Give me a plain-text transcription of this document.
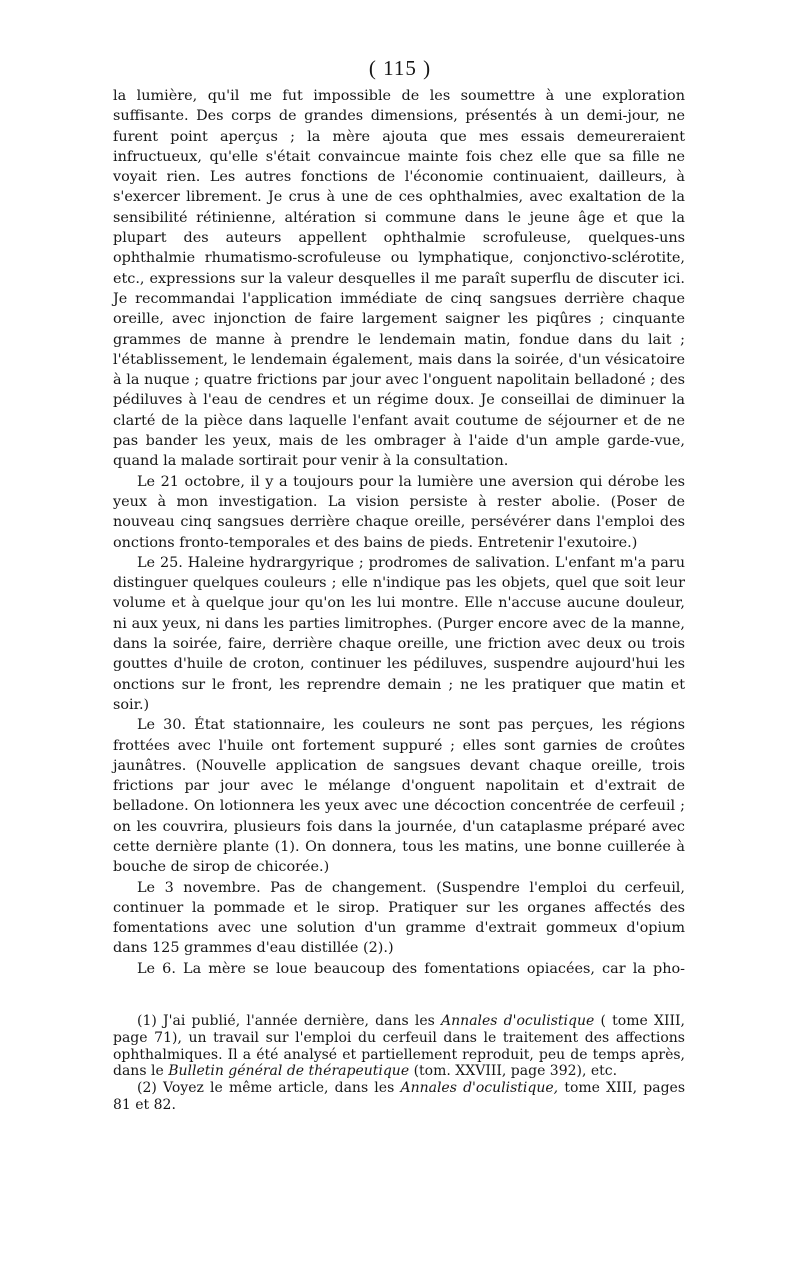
( 115 )

la lumière, qu'il me fut impossible de les soumettre à une exploration suffisante. Des corps de grandes dimensions, présentés à un demi-jour, ne furent point aperçus ; la mère ajouta que mes essais demeureraient infructueux, qu'elle s'était convaincue mainte fois chez elle que sa fille ne voyait rien. Les autres fonctions de l'économie continuaient, dailleurs, à s'exercer librement. Je crus à une de ces ophthalmies, avec exaltation de la sensibilité rétinienne, altération si commune dans le jeune âge et que la plupart des auteurs appellent ophthalmie scrofuleuse, quelques-uns ophthalmie rhumatismo-scrofuleuse ou lymphatique, conjonctivo-sclérotite, etc., expressions sur la valeur desquelles il me paraît superflu de discuter ici. Je recommandai l'application immédiate de cinq sangsues derrière chaque oreille, avec injonction de faire largement saigner les piqûres ; cinquante grammes de manne à prendre le lendemain matin, fondue dans du lait ; l'établissement, le lendemain également, mais dans la soirée, d'un vésicatoire à la nuque ; quatre frictions par jour avec l'onguent napolitain belladoné ; des pédiluves à l'eau de cendres et un régime doux. Je conseillai de diminuer la clarté de la pièce dans laquelle l'enfant avait coutume de séjourner et de ne pas bander les yeux, mais de les ombrager à l'aide d'un ample garde-vue, quand la malade sortirait pour venir à la consultation.

Le 21 octobre, il y a toujours pour la lumière une aversion qui dérobe les yeux à mon investigation. La vision persiste à rester abolie. (Poser de nouveau cinq sangsues derrière chaque oreille, persévérer dans l'emploi des onctions fronto-temporales et des bains de pieds. Entretenir l'exutoire.)

Le 25. Haleine hydrargyrique ; prodromes de salivation. L'enfant m'a paru distinguer quelques couleurs ; elle n'indique pas les objets, quel que soit leur volume et à quelque jour qu'on les lui montre. Elle n'accuse aucune douleur, ni aux yeux, ni dans les parties limitrophes. (Purger encore avec de la manne, dans la soirée, faire, derrière chaque oreille, une friction avec deux ou trois gouttes d'huile de croton, continuer les pédiluves, suspendre aujourd'hui les onctions sur le front, les reprendre demain ; ne les pratiquer que matin et soir.)

Le 30. État stationnaire, les couleurs ne sont pas perçues, les régions frottées avec l'huile ont fortement suppuré ; elles sont garnies de croûtes jaunâtres. (Nouvelle application de sangsues devant chaque oreille, trois frictions par jour avec le mélange d'onguent napolitain et d'extrait de belladone. On lotionnera les yeux avec une décoction concentrée de cerfeuil ; on les couvrira, plusieurs fois dans la journée, d'un cataplasme préparé avec cette dernière plante (1). On donnera, tous les matins, une bonne cuillerée à bouche de sirop de chicorée.)

Le 3 novembre. Pas de changement. (Suspendre l'emploi du cerfeuil, continuer la pommade et le sirop. Pratiquer sur les organes affectés des fomentations avec une solution d'un gramme d'extrait gommeux d'opium dans 125 grammes d'eau distillée (2).)

Le 6. La mère se loue beaucoup des fomentations opiacées, car la pho-

(1) J'ai publié, l'année dernière, dans les Annales d'oculistique ( tome XIII, page 71), un travail sur l'emploi du cerfeuil dans le traitement des affections ophthalmiques. Il a été analysé et partiellement reproduit, peu de temps après, dans le Bulletin général de thérapeutique (tom. XXVIII, page 392), etc.

(2) Voyez le même article, dans les Annales d'oculistique, tome XIII, pages 81 et 82.
